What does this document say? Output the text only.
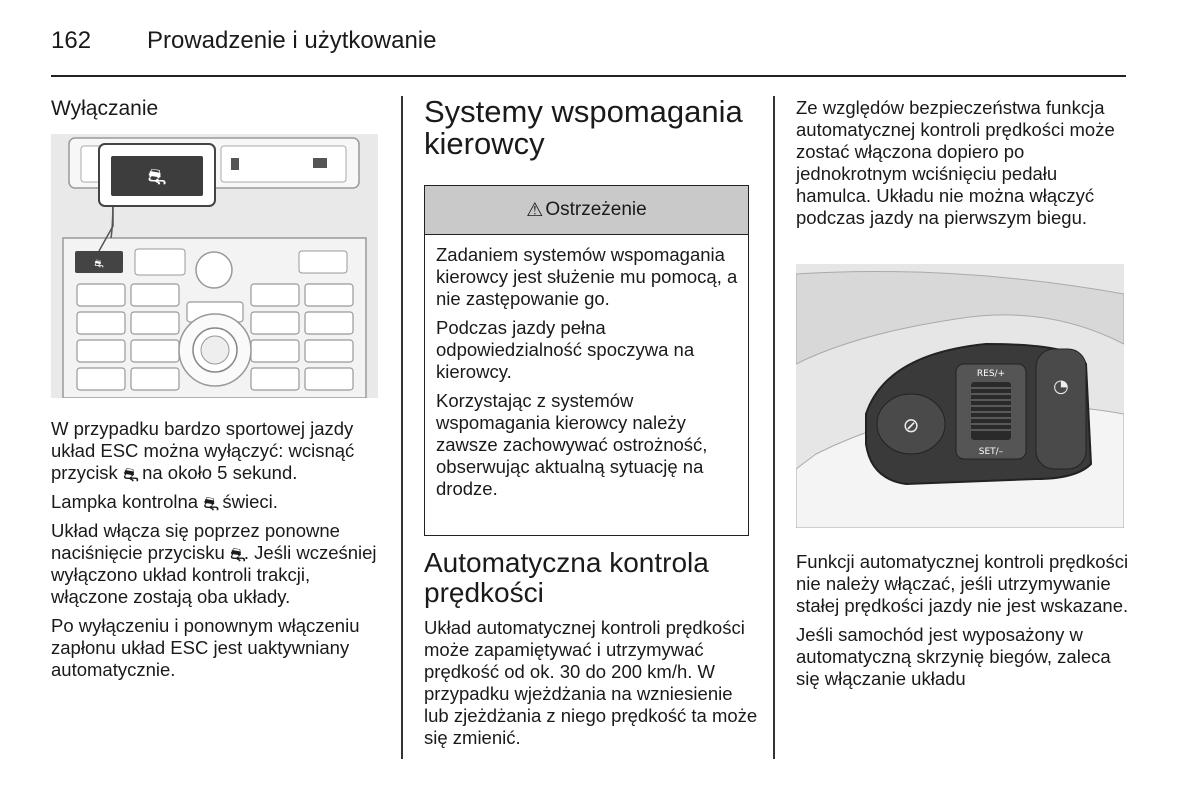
162 Prowadzenie i użytkowanie
Wyłączanie
⛐
⛐

W przypadku bardzo sportowej jazdy układ ESC można wyłączyć: wcisnąć przycisk ⛐ na około 5 sekund.

Lampka kontrolna ⛐ świeci.

Układ włącza się poprzez ponowne naciśnięcie przycisku ⛐. Jeśli wcześniej wyłączono układ kontroli trakcji, włączone zostają oba układy.

Po wyłączeniu i ponownym włączeniu zapłonu układ ESC jest uaktywniany automatycznie.

Systemy wspomagania kierowcy
⚠ Ostrzeżenie

Zadaniem systemów wspomagania kierowcy jest służenie mu pomocą, a nie zastępowanie go.

Podczas jazdy pełna odpowiedzialność spoczywa na kierowcy.

Korzystając z systemów wspomagania kierowcy należy zawsze zachowywać ostrożność, obserwując aktualną sytuację na drodze.

Automatyczna kontrola prędkości

Układ automatycznej kontroli prędkości może zapamiętywać i utrzymywać prędkość od ok. 30 do 200 km/h. W przypadku wjeżdżania na wzniesienie lub zjeżdżania z niego prędkość ta może się zmienić.

Ze względów bezpieczeństwa funkcja automatycznej kontroli prędkości może zostać włączona dopiero po jednokrotnym wciśnięciu pedału hamulca. Układu nie można włączyć podczas jazdy na pierwszym biegu.

⊘
RES/+
SET/–
◔

Funkcji automatycznej kontroli prędkości nie należy włączać, jeśli utrzymywanie stałej prędkości jazdy nie jest wskazane.

Jeśli samochód jest wyposażony w automatyczną skrzynię biegów, zaleca się włączanie układu
